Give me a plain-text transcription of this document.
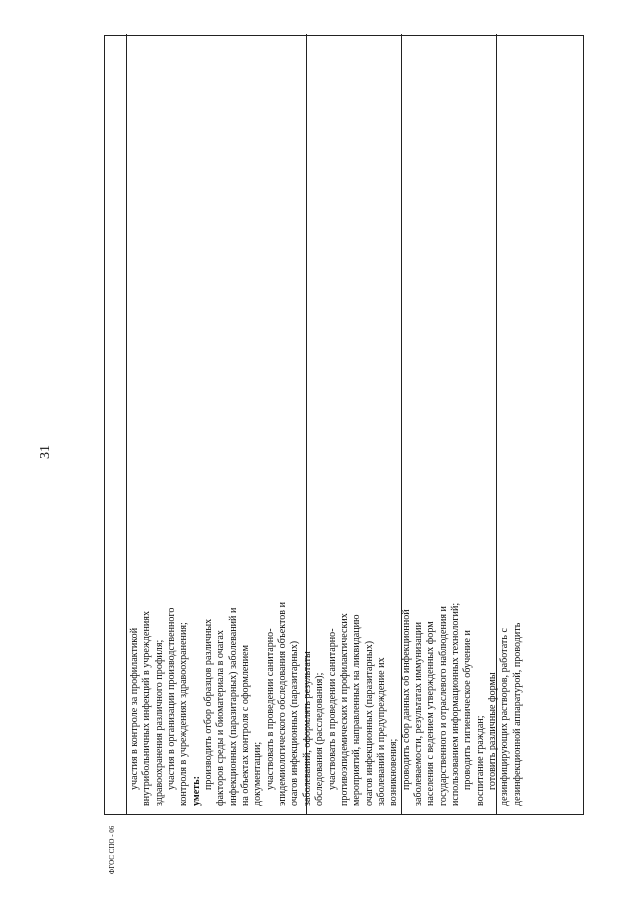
31
ФГОС СПО - 06

участия в контроле за профилактикой внутрибольничных инфекций в учреждениях здравоохранения различного профиля; участия в организации производственного контроля в учреждениях здравоохранения; уметь:

производить отбор образцов различных факторов среды и биоматериала в очагах инфекционных (паразитарных) заболеваний и на объектах контроля с оформлением документации; участвовать в проведении санитарно- эпидемиологического обследования объектов и очагов инфекционных (паразитарных) заболеваний, оформлять результаты обследования (расследования); участвовать в проведении санитарно- противоэпидемических и профилактических мероприятий, направленных на ликвидацию очагов инфекционных (паразитарных) заболеваний и предупреждение их возникновения; проводить сбор данных об инфекционной заболеваемости, результатах иммунизации населения с ведением утвержденных форм государственного и отраслевого наблюдения и использованием информационных технологий; проводить гигиеническое обучение и воспитание граждан; готовить различные формы дезинфицирующих растворов, работать с дезинфекционной аппаратурой, проводить
